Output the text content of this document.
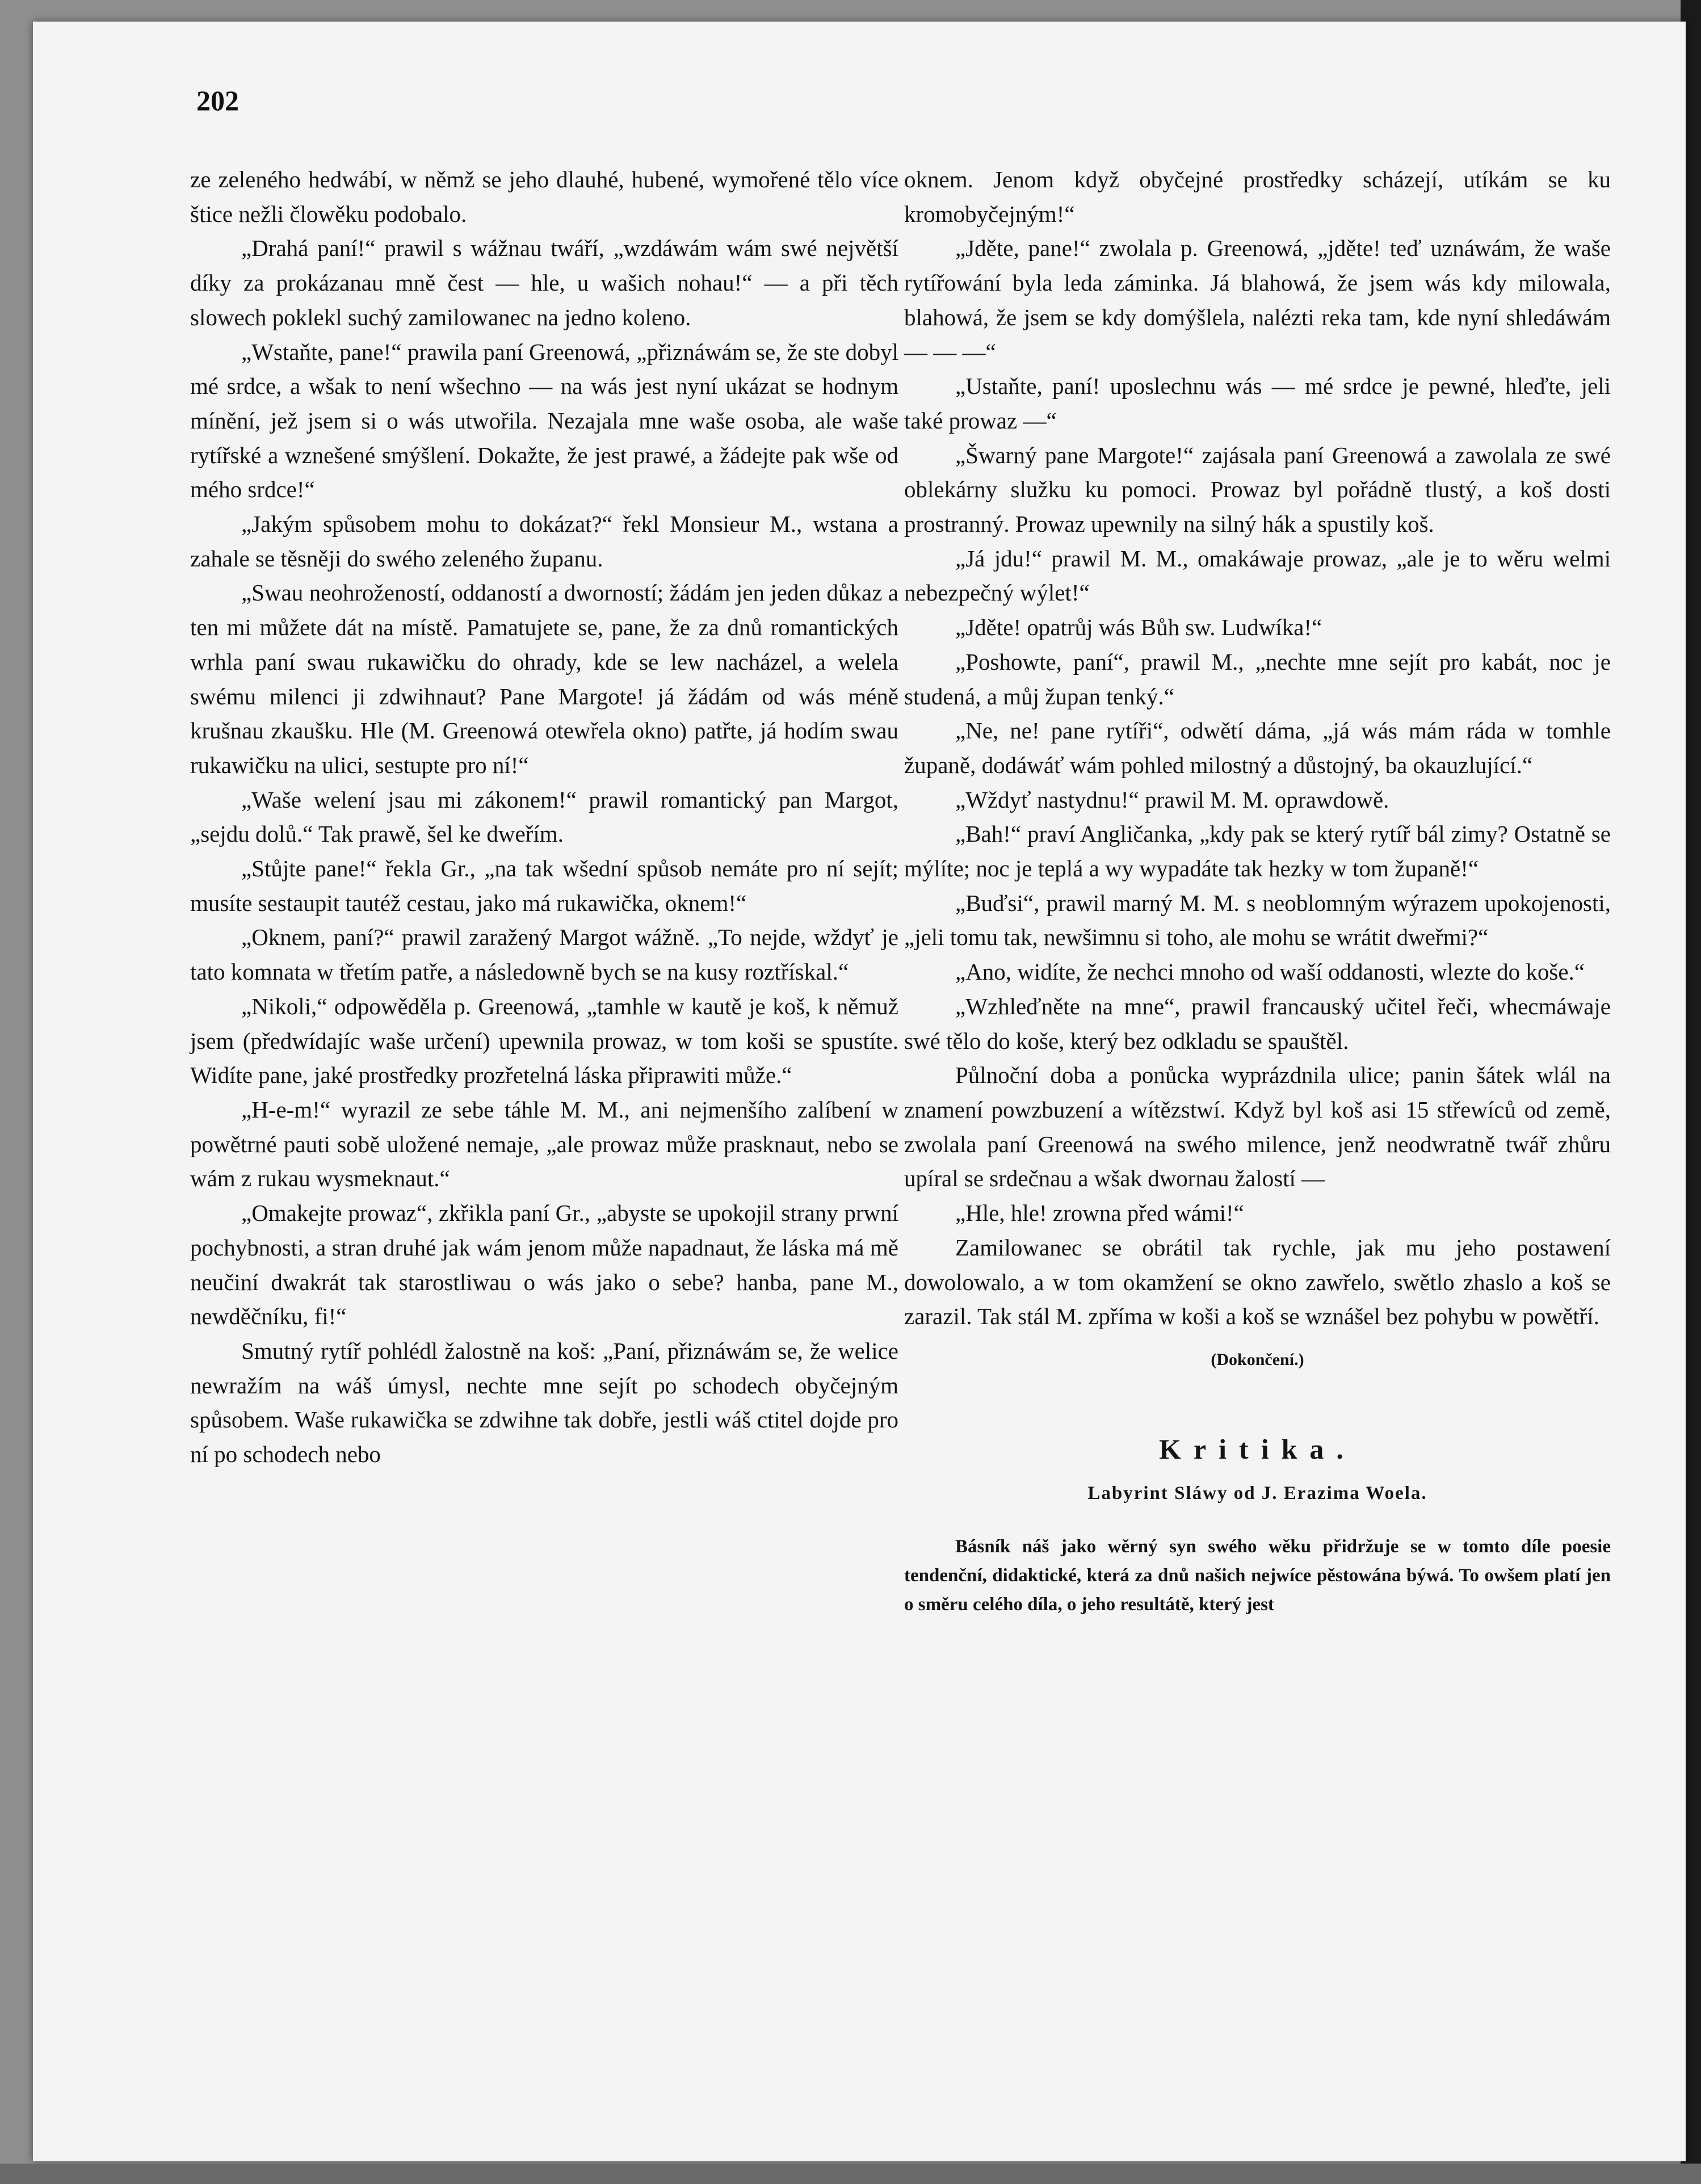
202

ze zeleného hedwábí, w němž se jeho dlauhé, hubené, wymořené tělo více štice nežli člowěku podobalo.

„Drahá paní!“ prawil s wážnau twáří, „wzdáwám wám swé největší díky za prokázanau mně čest — hle, u wašich nohau!“ — a při těch slowech poklekl suchý zamilowanec na jedno koleno.

„Wstaňte, pane!“ prawila paní Greenowá, „přiznáwám se, že ste dobyl mé srdce, a wšak to není wšechno — na wás jest nyní ukázat se hodnym mínění, jež jsem si o wás utwořila. Nezajala mne waše osoba, ale waše rytířské a wznešené smýšlení. Dokažte, že jest prawé, a žádejte pak wše od mého srdce!“

„Jakým spůsobem mohu to dokázat?“ řekl Monsieur M., wstana a zahale se těsněji do swého zeleného županu.

„Swau neohrožeností, oddaností a dworností; žádám jen jeden důkaz a ten mi můžete dát na místě. Pamatujete se, pane, že za dnů romantických wrhla paní swau rukawičku do ohrady, kde se lew nacházel, a welela swému milenci ji zdwihnaut? Pane Margote! já žádám od wás méně krušnau zkaušku. Hle (M. Greenowá otewřela okno) patřte, já hodím swau rukawičku na ulici, sestupte pro ní!“

„Waše welení jsau mi zákonem!“ prawil romantický pan Margot, „sejdu dolů.“ Tak prawě, šel ke dweřím.

„Stůjte pane!“ řekla Gr., „na tak wšední spůsob nemáte pro ní sejít; musíte sestaupit tautéž cestau, jako má rukawička, oknem!“

„Oknem, paní?“ prawil zaražený Margot wážně. „To nejde, wždyť je tato komnata w třetím patře, a následowně bych se na kusy roztřískal.“

„Nikoli,“ odpowěděla p. Greenowá, „tamhle w kautě je koš, k němuž jsem (předwídajíc waše určení) upewnila prowaz, w tom koši se spustíte. Widíte pane, jaké prostředky prozřetelná láska připrawiti může.“

„H-e-m!“ wyrazil ze sebe táhle M. M., ani nejmenšího zalíbení w powětrné pauti sobě uložené nemaje, „ale prowaz může prasknaut, nebo se wám z rukau wysmeknaut.“

„Omakejte prowaz“, zkřikla paní Gr., „abyste se upokojil strany prwní pochybnosti, a stran druhé jak wám jenom může napadnaut, že láska má mě neučiní dwakrát tak starostliwau o wás jako o sebe? hanba, pane M., newděčníku, fi!“

Smutný rytíř pohlédl žalostně na koš: „Paní, přiznáwám se, že welice newražím na wáš úmysl, nechte mne sejít po schodech obyčejným spůsobem. Waše rukawička se zdwihne tak dobře, jestli wáš ctitel dojde pro ní po schodech nebo

oknem. Jenom když obyčejné prostředky scházejí, utíkám se ku kromobyčejným!“

„Jděte, pane!“ zwolala p. Greenowá, „jděte! teď uznáwám, že waše rytířowání byla leda záminka. Já blahowá, že jsem wás kdy milowala, blahowá, že jsem se kdy domýšlela, nalézti reka tam, kde nyní shledáwám — — —“

„Ustaňte, paní! uposlechnu wás — mé srdce je pewné, hleďte, jeli také prowaz —“

„Šwarný pane Margote!“ zajásala paní Greenowá a zawolala ze swé oblekárny služku ku pomoci. Prowaz byl pořádně tlustý, a koš dosti prostranný. Prowaz upewnily na silný hák a spustily koš.

„Já jdu!“ prawil M. M., omakáwaje prowaz, „ale je to wěru welmi nebezpečný wýlet!“

„Jděte! opatrůj wás Bůh sw. Ludwíka!“

„Poshowte, paní“, prawil M., „nechte mne sejít pro kabát, noc je studená, a můj župan tenký.“

„Ne, ne! pane rytíři“, odwětí dáma, „já wás mám ráda w tomhle županě, dodáwáť wám pohled milostný a důstojný, ba okauzlující.“

„Wždyť nastydnu!“ prawil M. M. oprawdowě.

„Bah!“ praví Angličanka, „kdy pak se který rytíř bál zimy? Ostatně se mýlíte; noc je teplá a wy wypadáte tak hezky w tom županě!“

„Buďsi“, prawil marný M. M. s neoblomným wýrazem upokojenosti, „jeli tomu tak, newšimnu si toho, ale mohu se wrátit dweřmi?“

„Ano, widíte, že nechci mnoho od waší oddanosti, wlezte do koše.“

„Wzhleďněte na mne“, prawil francauský učitel řeči, whecmáwaje swé tělo do koše, který bez odkladu se spauštěl.

Půlnoční doba a ponůcka wyprázdnila ulice; panin šátek wlál na znamení powzbuzení a wítězstwí. Když byl koš asi 15 střewíců od země, zwolala paní Greenowá na swého milence, jenž neodwratně twář zhůru upíral se srdečnau a wšak dwornau žalostí —

„Hle, hle! zrowna před wámi!“

Zamilowanec se obrátil tak rychle, jak mu jeho postawení dowolowalo, a w tom okamžení se okno zawřelo, swětlo zhaslo a koš se zarazil. Tak stál M. zpříma w koši a koš se wznášel bez pohybu w powětří.

(Dokončení.)

Kritika.

Labyrint Sláwy od J. Erazima Woela.

Básník náš jako wěrný syn swého wěku přidržuje se w tomto díle poesie tendenční, didaktické, která za dnů našich nejwíce pěstowána býwá. To owšem platí jen o směru celého díla, o jeho resultátě, který jest
